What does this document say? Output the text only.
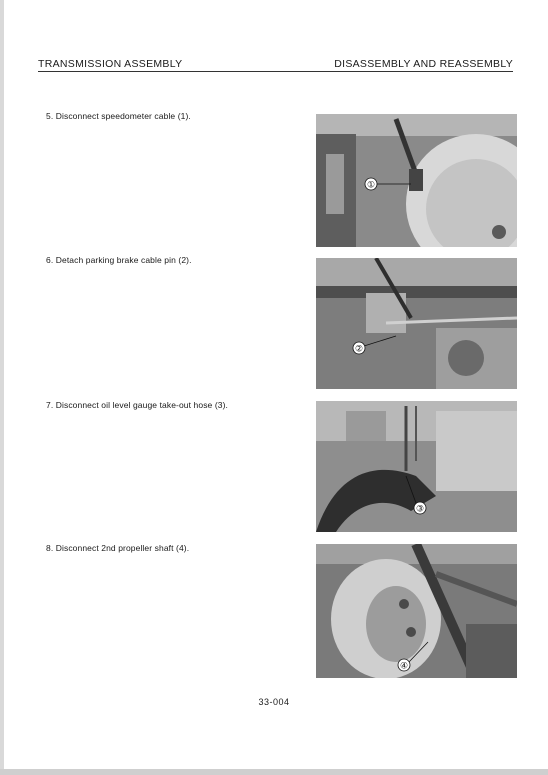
TRANSMISSION ASSEMBLY	DISASSEMBLY AND REASSEMBLY
5. Disconnect speedometer cable (1).
①
6. Detach parking brake cable pin (2).
②
7. Disconnect oil level gauge take-out hose (3).
③
8. Disconnect 2nd propeller shaft (4).
④
33-004
